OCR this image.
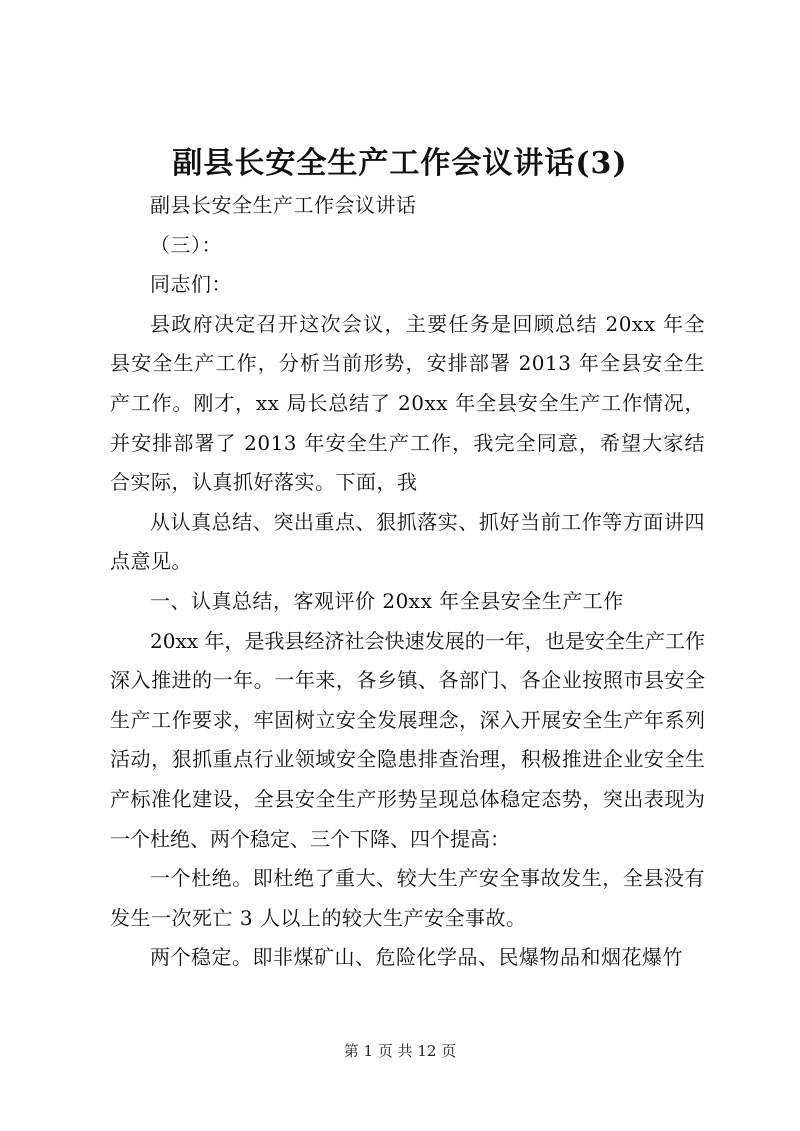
副县长安全生产工作会议讲话(3)

副县长安全生产工作会议讲话

（三）：

同志们：

县政府决定召开这次会议，主要任务是回顾总结 20xx 年全县安全生产工作，分析当前形势，安排部署 2013 年全县安全生产工作。刚才，xx 局长总结了 20xx 年全县安全生产工作情况，并安排部署了 2013 年安全生产工作，我完全同意，希望大家结合实际，认真抓好落实。下面，我

从认真总结、突出重点、狠抓落实、抓好当前工作等方面讲四点意见。

一、认真总结，客观评价 20xx 年全县安全生产工作

20xx 年，是我县经济社会快速发展的一年，也是安全生产工作深入推进的一年。一年来，各乡镇、各部门、各企业按照市县安全生产工作要求，牢固树立安全发展理念，深入开展安全生产年系列活动，狠抓重点行业领域安全隐患排查治理，积极推进企业安全生产标准化建设，全县安全生产形势呈现总体稳定态势，突出表现为一个杜绝、两个稳定、三个下降、四个提高：

一个杜绝。即杜绝了重大、较大生产安全事故发生，全县没有发生一次死亡 3 人以上的较大生产安全事故。

两个稳定。即非煤矿山、危险化学品、民爆物品和烟花爆竹

第 1 页 共 12 页
